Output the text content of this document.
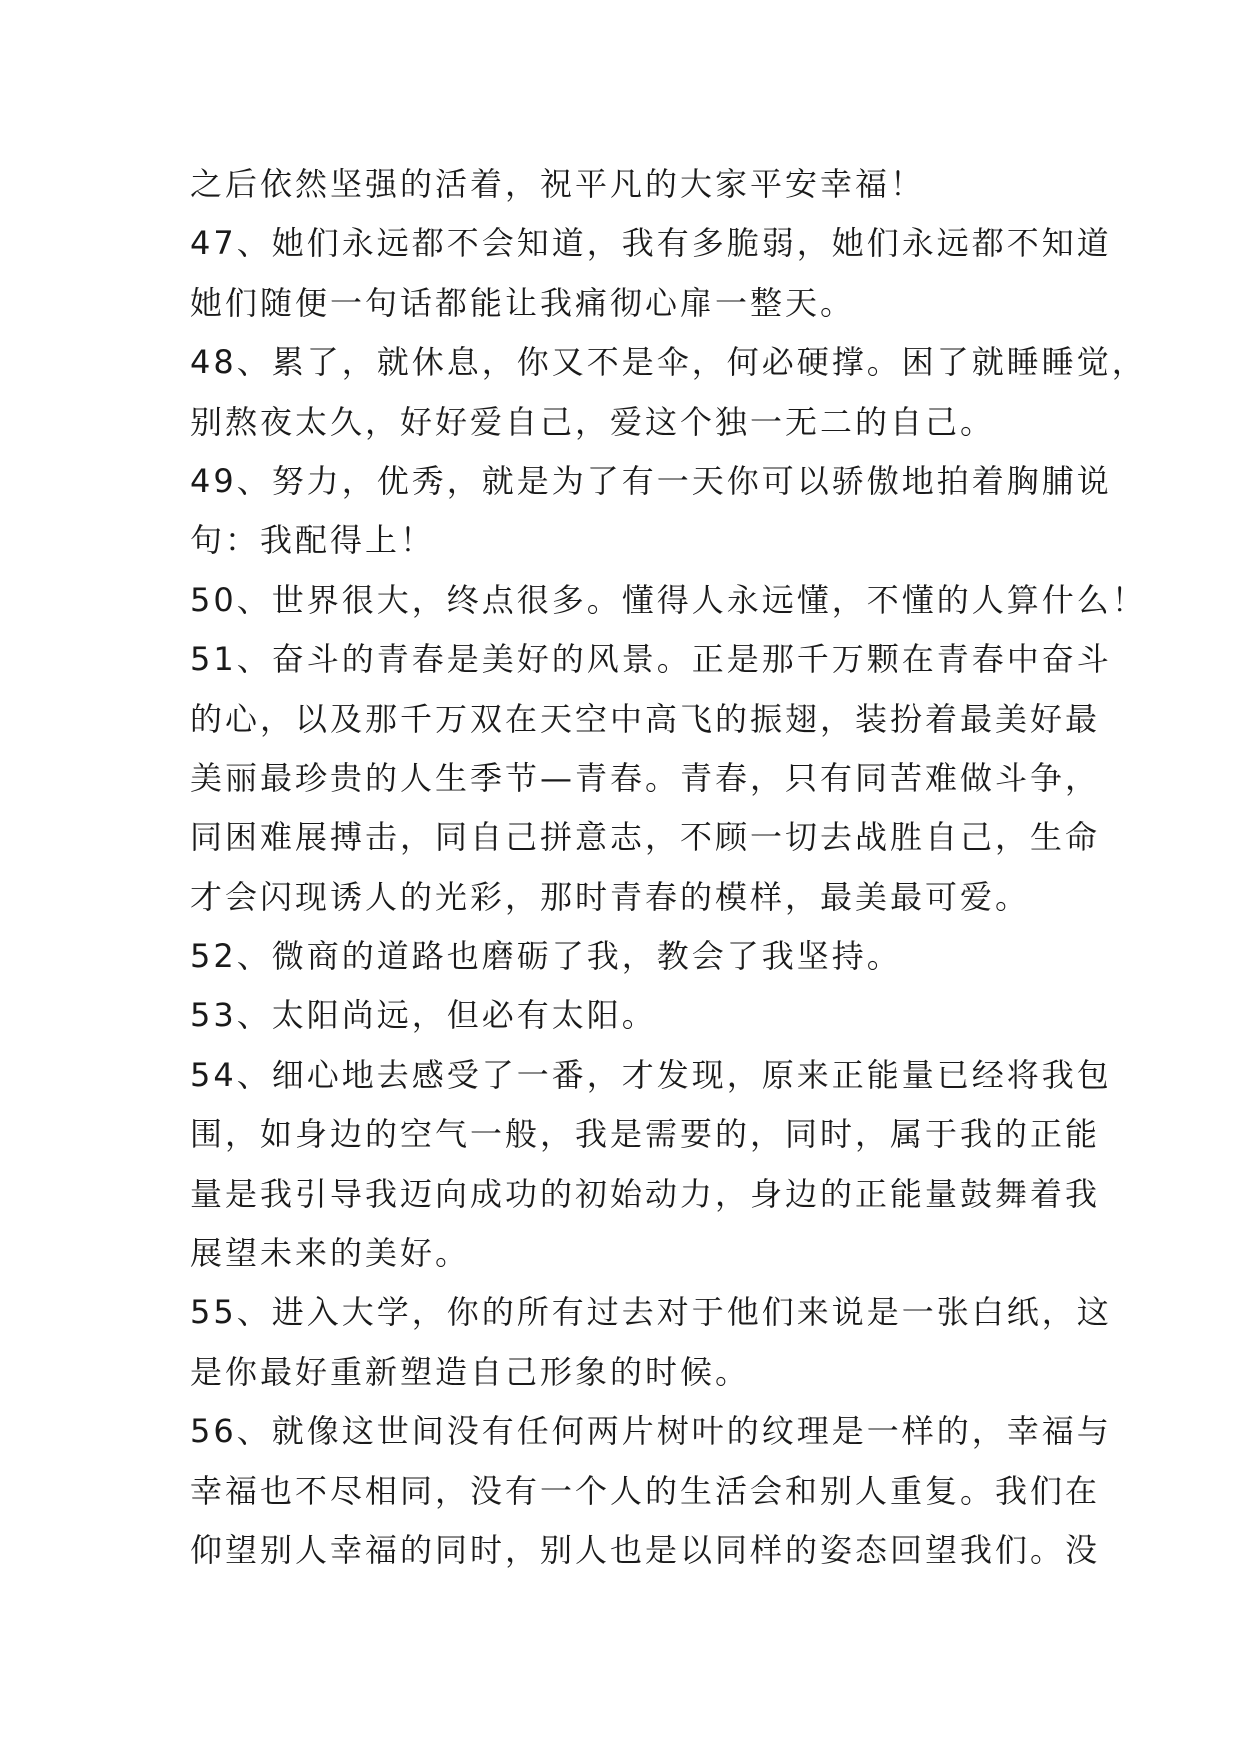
之后依然坚强的活着，祝平凡的大家平安幸福！
47、她们永远都不会知道，我有多脆弱，她们永远都不知道
她们随便一句话都能让我痛彻心扉一整天。
48、累了，就休息，你又不是伞，何必硬撑。困了就睡睡觉，
别熬夜太久，好好爱自己，爱这个独一无二的自己。
49、努力，优秀，就是为了有一天你可以骄傲地拍着胸脯说
句：我配得上！
50、世界很大，终点很多。懂得人永远懂，不懂的人算什么！
51、奋斗的青春是美好的风景。正是那千万颗在青春中奋斗
的心，以及那千万双在天空中高飞的振翅，装扮着最美好最
美丽最珍贵的人生季节—青春。青春，只有同苦难做斗争，
同困难展搏击，同自己拼意志，不顾一切去战胜自己，生命
才会闪现诱人的光彩，那时青春的模样，最美最可爱。
52、微商的道路也磨砺了我，教会了我坚持。
53、太阳尚远，但必有太阳。
54、细心地去感受了一番，才发现，原来正能量已经将我包
围，如身边的空气一般，我是需要的，同时，属于我的正能
量是我引导我迈向成功的初始动力，身边的正能量鼓舞着我
展望未来的美好。
55、进入大学，你的所有过去对于他们来说是一张白纸，这
是你最好重新塑造自己形象的时候。
56、就像这世间没有任何两片树叶的纹理是一样的，幸福与
幸福也不尽相同，没有一个人的生活会和别人重复。我们在
仰望别人幸福的同时，别人也是以同样的姿态回望我们。没
